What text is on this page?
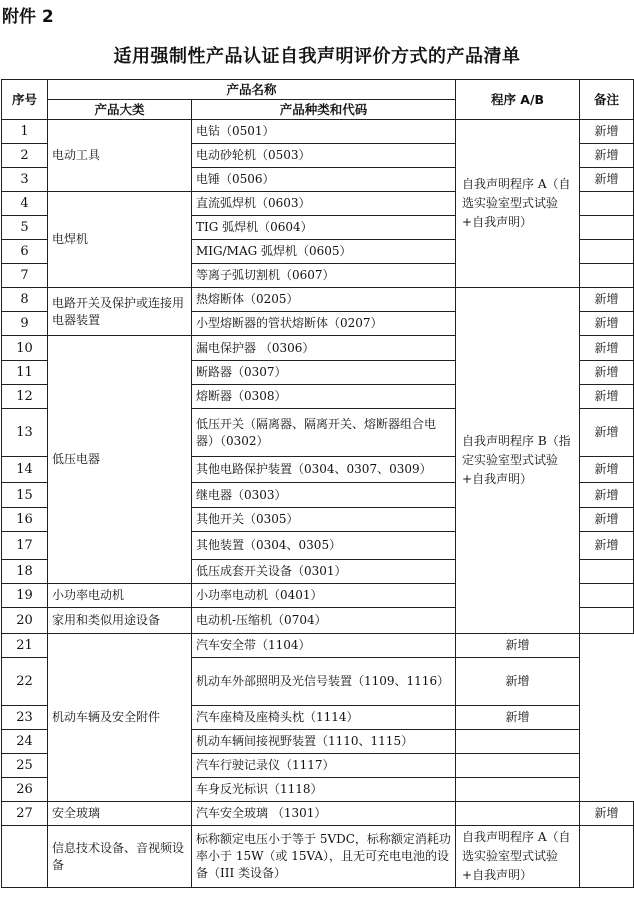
附件 2
适用强制性产品认证自我声明评价方式的产品清单
序号	产品名称		程序 A/B	备注
	产品大类	产品种类和代码		
1	电动工具	电钻（0501）	自我声明程序 A（自选实验室型式试验+自我声明）	新增
2		电动砂轮机（0503）		新增
3		电锤（0506）		新增
4	电焊机	直流弧焊机（0603）		
5		TIG 弧焊机（0604）		
6		MIG/MAG 弧焊机（0605）		
7		等离子弧切割机（0607）		
8	电路开关及保护或连接用电器装置	热熔断体（0205）	自我声明程序 B（指定实验室型式试验+自我声明）	新增
9		小型熔断器的管状熔断体（0207）		新增
10	低压电器	漏电保护器 （0306）		新增
11		断路器（0307）		新增
12		熔断器（0308）		新增
13		低压开关（隔离器、隔离开关、熔断器组合电器）（0302）		新增
14		其他电路保护装置（0304、0307、0309）		新增
15		继电器（0303）		新增
16		其他开关（0305）		新增
17		其他装置（0304、0305）		新增
18		低压成套开关设备（0301）		
19	小功率电动机	小功率电动机（0401）		
20	家用和类似用途设备	电动机-压缩机（0704）		
21	机动车辆及安全附件	汽车安全带（1104）	新增	
22		机动车外部照明及光信号装置（1109、1116）	新增	
23		汽车座椅及座椅头枕（1114）	新增	
24		机动车辆间接视野装置（1110、1115）		
25		汽车行驶记录仪（1117）		
26		车身反光标识（1118）		
27	安全玻璃	汽车安全玻璃 （1301）		新增
	信息技术设备、音视频设备	标称额定电压小于等于 5VDC，标称额定消耗功率小于 15W（或 15VA），且无可充电电池的设备（III 类设备）	自我声明程序 A（自选实验室型式试验+自我声明）	
